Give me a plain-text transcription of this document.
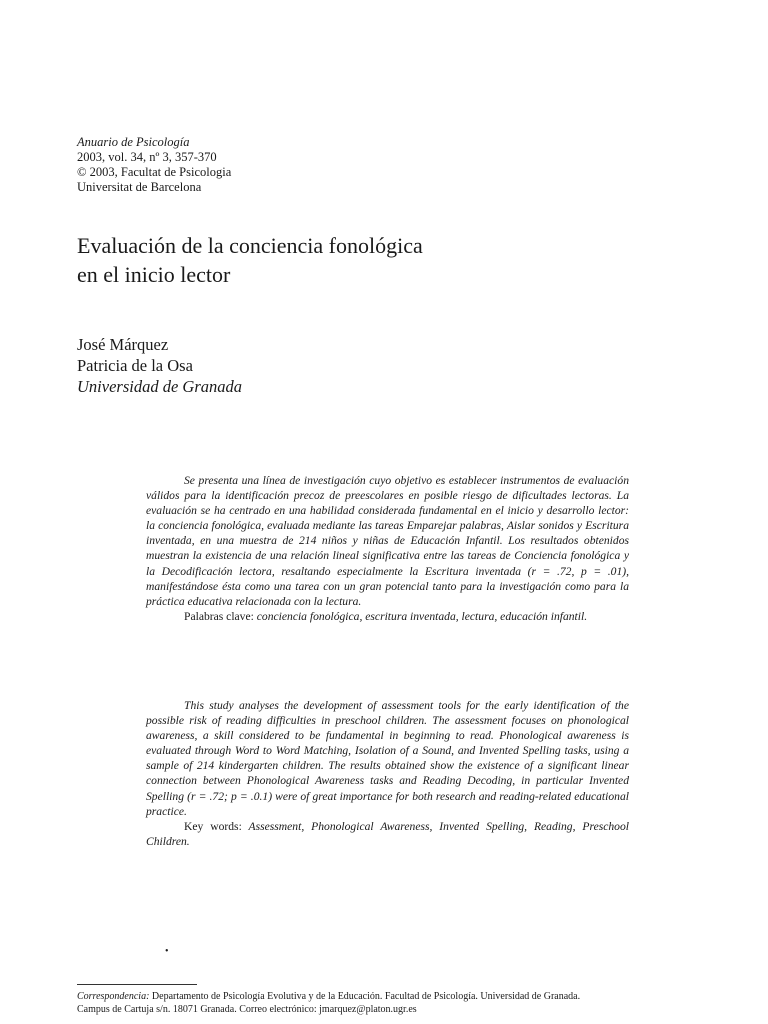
Anuario de Psicología
2003, vol. 34, nº 3, 357-370
© 2003, Facultat de Psicologia
Universitat de Barcelona
Evaluación de la conciencia fonológica
en el inicio lector
José Márquez
Patricia de la Osa
Universidad de Granada

Se presenta una línea de investigación cuyo objetivo es establecer instrumentos de evaluación válidos para la identificación precoz de preescolares en posible riesgo de dificultades lectoras. La evaluación se ha centrado en una habilidad considerada fundamental en el inicio y desarrollo lector: la conciencia fonológica, evaluada mediante las tareas Emparejar palabras, Aislar sonidos y Escritura inventada, en una muestra de 214 niños y niñas de Educación Infantil. Los resultados obtenidos muestran la existencia de una relación lineal significativa entre las tareas de Conciencia fonológica y la Decodificación lectora, resaltando especialmente la Escritura inventada (r = .72, p = .01), manifestándose ésta como una tarea con un gran potencial tanto para la investigación como para la práctica educativa relacionada con la lectura.

Palabras clave: conciencia fonológica, escritura inventada, lectura, educación infantil.

This study analyses the development of assessment tools for the early identification of the possible risk of reading difficulties in preschool children. The assessment focuses on phonological awareness, a skill considered to be fundamental in beginning to read. Phonological awareness is evaluated through Word to Word Matching, Isolation of a Sound, and Invented Spelling tasks, using a sample of 214 kindergarten children. The results obtained show the existence of a significant linear connection between Phonological Awareness tasks and Reading Decoding, in particular Invented Spelling (r = .72; p = .0.1) were of great importance for both research and reading-related educational practice.

Key words: Assessment, Phonological Awareness, Invented Spelling, Reading, Preschool Children.

•
Correspondencia: Departamento de Psicología Evolutiva y de la Educación. Facultad de Psicología. Universidad de Granada.
Campus de Cartuja s/n. 18071 Granada. Correo electrónico: jmarquez@platon.ugr.es
